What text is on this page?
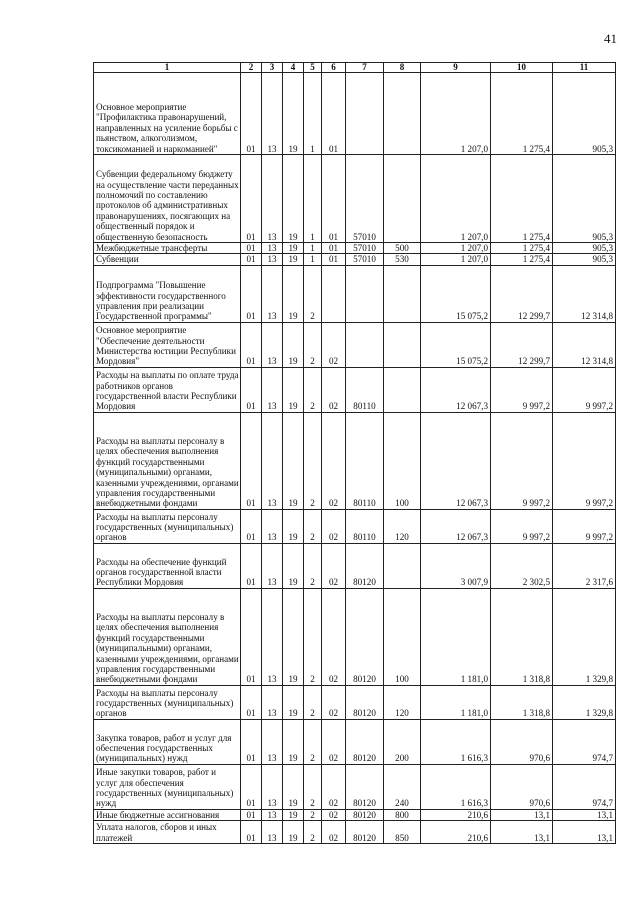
41
1	2	3	4	5	6	7	8	9	10	11
Основное мероприятие "Профилактика правонарушений, направленных на усиление борьбы с пьянством, алкоголизмом, токсикоманией и наркоманией"	01	13	19	1	01			1 207,0	1 275,4	905,3
Субвенции федеральному бюджету на осуществление части переданных полномочий по составлению протоколов об административных правонарушениях, посягающих на общественный порядок и общественную безопасность	01	13	19	1	01	57010		1 207,0	1 275,4	905,3
Межбюджетные трансферты	01	13	19	1	01	57010	500	1 207,0	1 275,4	905,3
Субвенции	01	13	19	1	01	57010	530	1 207,0	1 275,4	905,3
Подпрограмма "Повышение эффективности государственного управления при реализации Государственной программы"	01	13	19	2				15 075,2	12 299,7	12 314,8
Основное мероприятие "Обеспечение деятельности Министерства юстиции Республики Мордовия"	01	13	19	2	02			15 075,2	12 299,7	12 314,8
Расходы на выплаты по оплате труда работников органов государственной власти Республики Мордовия	01	13	19	2	02	80110		12 067,3	9 997,2	9 997,2
Расходы на выплаты персоналу в целях обеспечения выполнения функций государственными (муниципальными) органами, казенными учреждениями, органами управления государственными внебюджетными фондами	01	13	19	2	02	80110	100	12 067,3	9 997,2	9 997,2
Расходы на выплаты персоналу государственных (муниципальных) органов	01	13	19	2	02	80110	120	12 067,3	9 997,2	9 997,2
Расходы на обеспечение функций органов государственной власти Республики Мордовия	01	13	19	2	02	80120		3 007,9	2 302,5	2 317,6
Расходы на выплаты персоналу в целях обеспечения выполнения функций государственными (муниципальными) органами, казенными учреждениями, органами управления государственными внебюджетными фондами	01	13	19	2	02	80120	100	1 181,0	1 318,8	1 329,8
Расходы на выплаты персоналу государственных (муниципальных) органов	01	13	19	2	02	80120	120	1 181,0	1 318,8	1 329,8
Закупка товаров, работ и услуг для обеспечения государственных (муниципальных) нужд	01	13	19	2	02	80120	200	1 616,3	970,6	974,7
Иные закупки товаров, работ и услуг для обеспечения государственных (муниципальных) нужд	01	13	19	2	02	80120	240	1 616,3	970,6	974,7
Иные бюджетные ассигнования	01	13	19	2	02	80120	800	210,6	13,1	13,1
Уплата налогов, сборов и иных платежей	01	13	19	2	02	80120	850	210,6	13,1	13,1
